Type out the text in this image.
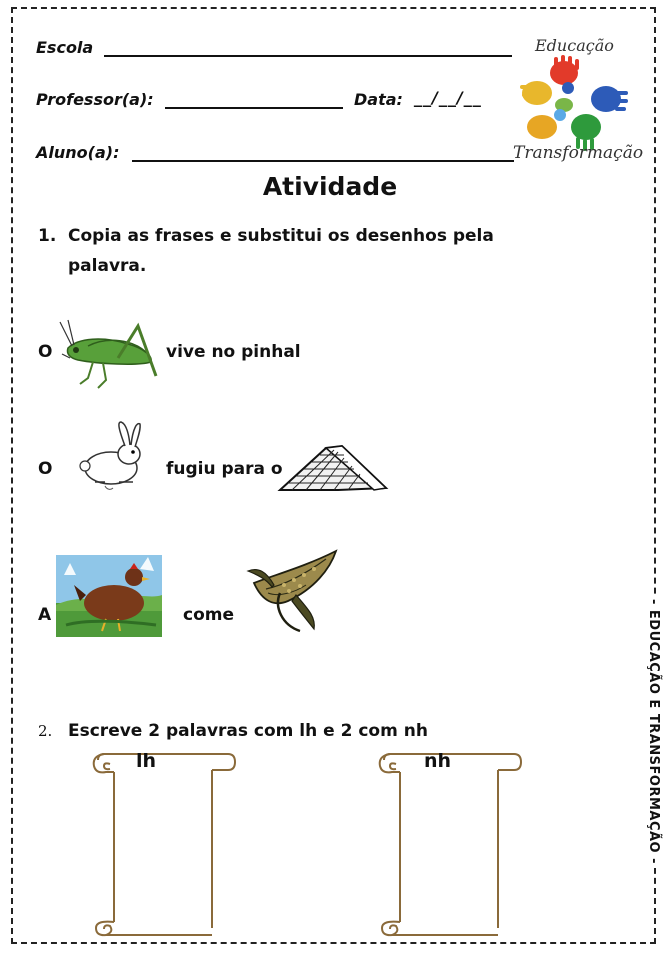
Escola
Professor(a):	Data: __/__/__
Aluno(a):
Educação
e
Transformação
Atividade
1. Copia as frases e substitui os desenhos pela
palavra.
O	vive no pinhal
O	fugiu para o
A	come
2. Escreve 2 palavras com lh e 2 com nh
lh	nh	- EDUCAÇÃO E TRANSFORMAÇÃO -
